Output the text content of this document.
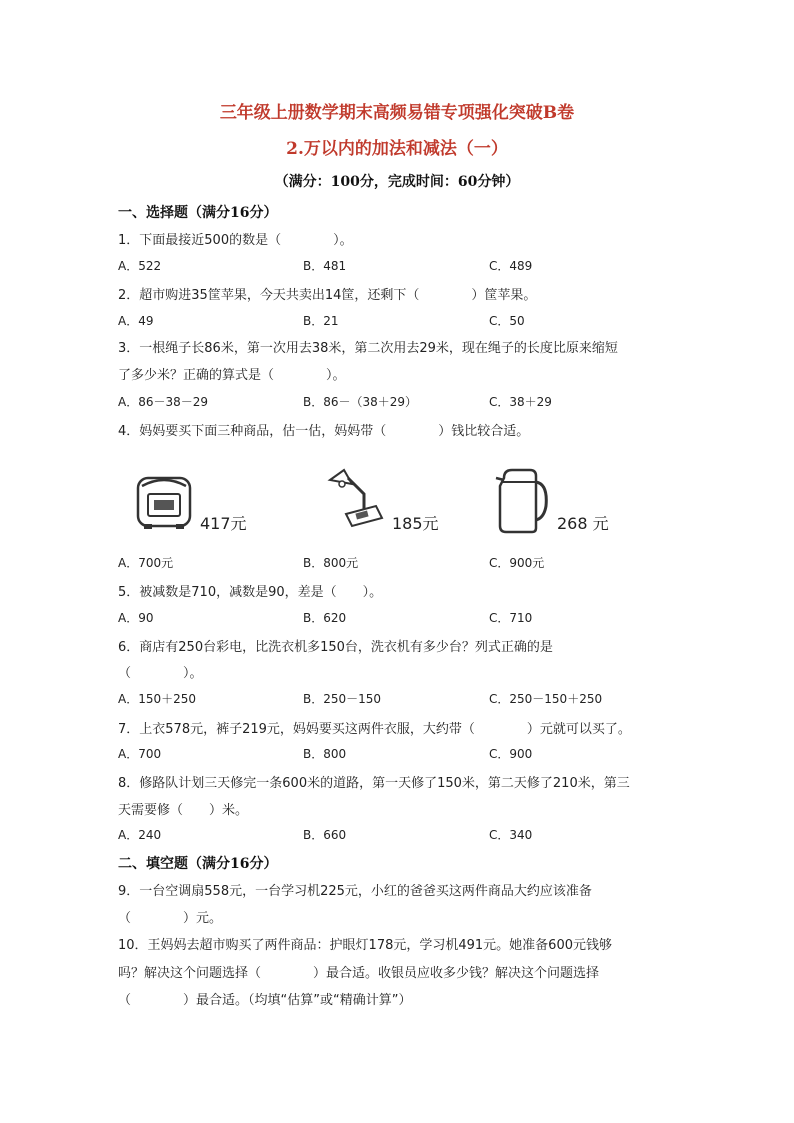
三年级上册数学期末高频易错专项强化突破B卷
2.万以内的加法和减法（一）
（满分：100分，完成时间：60分钟）
一、选择题（满分16分）
1．下面最接近500的数是（　　　　）。
A．522	B．481	C．489
2．超市购进35筐苹果，今天共卖出14筐，还剩下（　　　　）筐苹果。
A．49	B．21	C．50
3．一根绳子长86米，第一次用去38米，第二次用去29米，现在绳子的长度比原来缩短
了多少米？正确的算式是（　　　　）。
A．86－38－29	B．86－（38＋29）	C．38＋29
4．妈妈要买下面三种商品，估一估，妈妈带（　　　　）钱比较合适。
417元	185元	268 元
A．700元	B．800元	C．900元
5．被减数是710，减数是90，差是（　　）。
A．90	B．620	C．710
6．商店有250台彩电，比洗衣机多150台，洗衣机有多少台？列式正确的是
（　　　　）。
A．150＋250	B．250－150	C．250－150＋250
7．上衣578元，裤子219元，妈妈要买这两件衣服，大约带（　　　　）元就可以买了。
A．700	B．800	C．900
8．修路队计划三天修完一条600米的道路，第一天修了150米，第二天修了210米，第三
天需要修（　　）米。
A．240	B．660	C．340
二、填空题（满分16分）
9．一台空调扇558元，一台学习机225元，小红的爸爸买这两件商品大约应该准备
（　　　　）元。
10．王妈妈去超市购买了两件商品：护眼灯178元，学习机491元。她准备600元钱够
吗？解决这个问题选择（　　　　）最合适。收银员应收多少钱？解决这个问题选择
（　　　　）最合适。（均填“估算”或“精确计算”）
